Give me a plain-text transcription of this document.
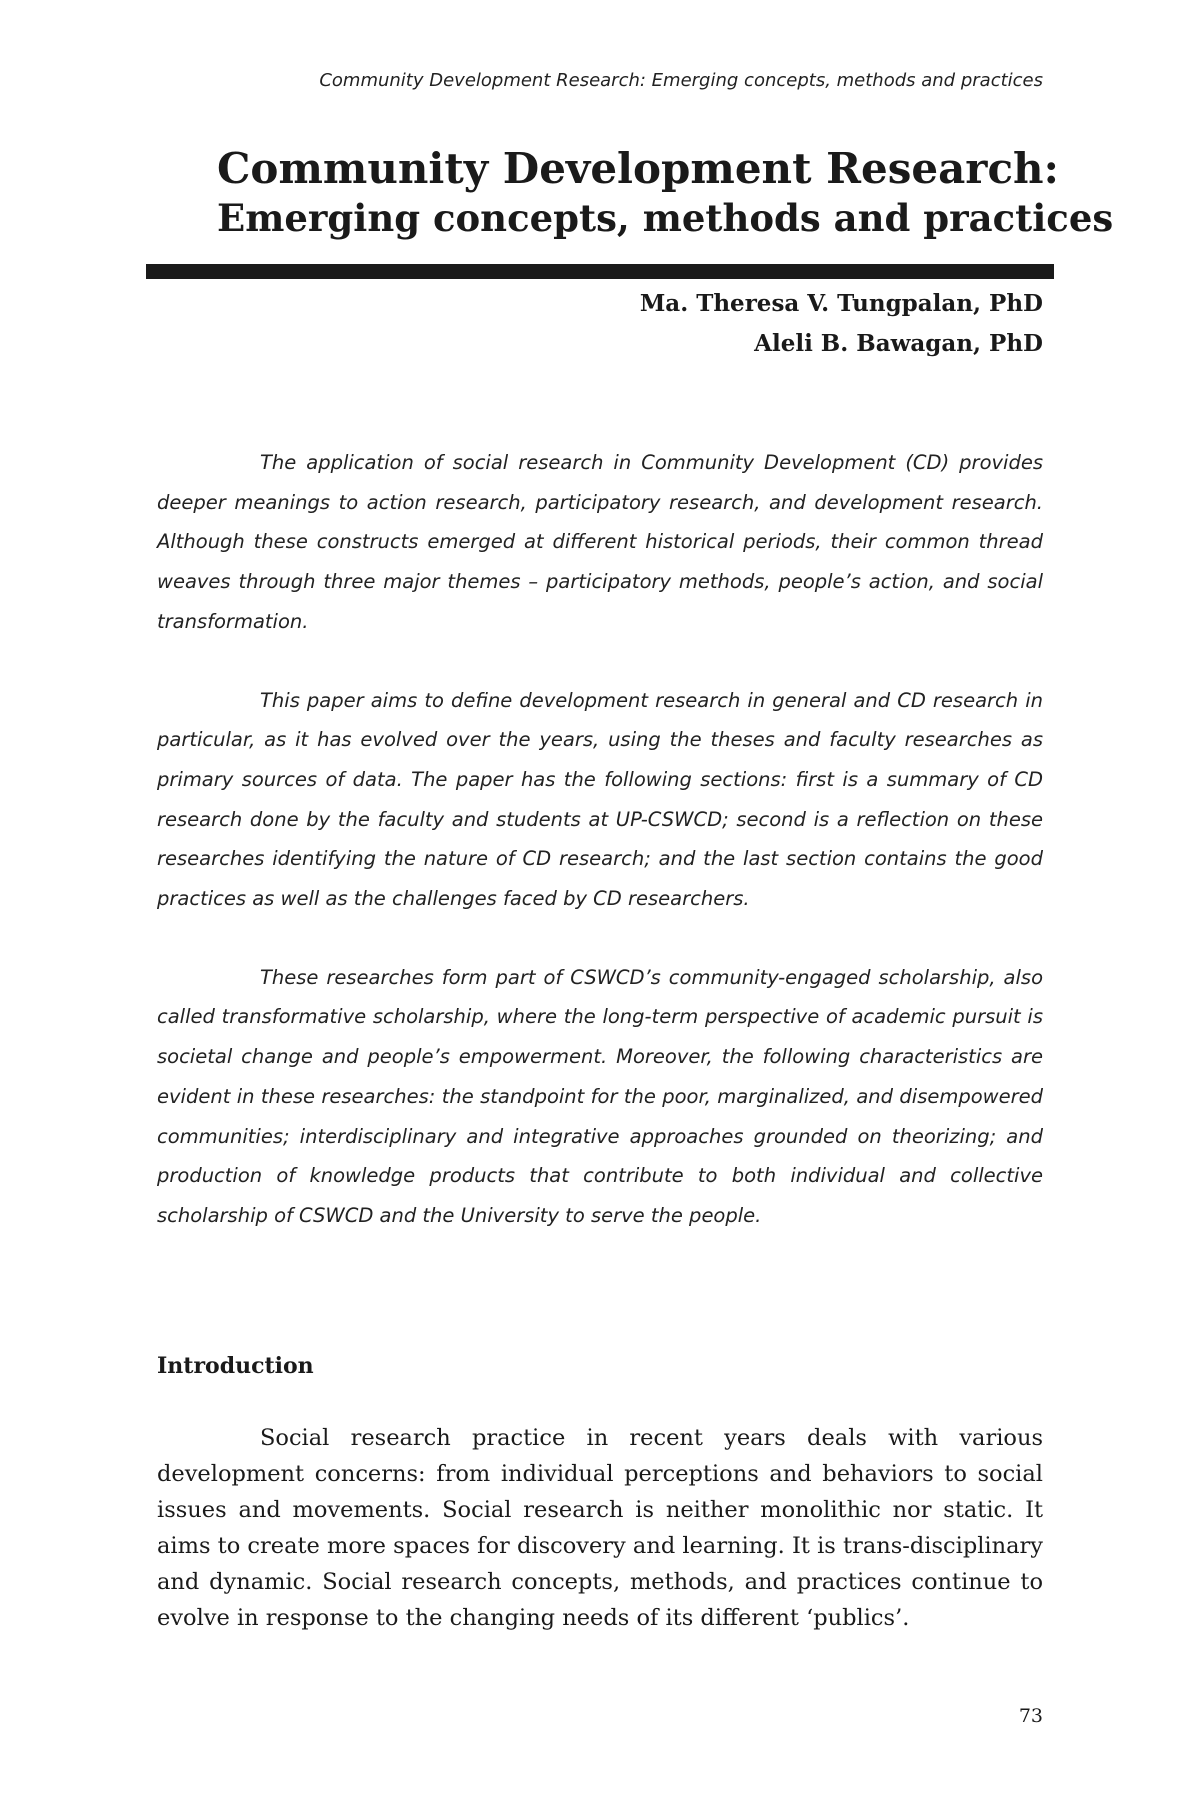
Community Development Research: Emerging concepts, methods and practices
Community Development Research:
Emerging concepts, methods and practices
Ma. Theresa V. Tungpalan, PhD
Aleli B. Bawagan, PhD

The application of social research in Community Development (CD) provides deeper meanings to action research, participatory research, and development research. Although these constructs emerged at different historical periods, their common thread weaves through three major themes – participatory methods, people’s action, and social transformation.

This paper aims to define development research in general and CD research in particular, as it has evolved over the years, using the theses and faculty researches as primary sources of data. The paper has the following sections: first is a summary of CD research done by the faculty and students at UP-CSWCD; second is a reflection on these researches identifying the nature of CD research; and the last section contains the good practices as well as the challenges faced by CD researchers.

These researches form part of CSWCD’s community-engaged scholarship, also called transformative scholarship, where the long-term perspective of academic pursuit is societal change and people’s empowerment. Moreover, the following characteristics are evident in these researches: the standpoint for the poor, marginalized, and disempowered communities; interdisciplinary and integrative approaches grounded on theorizing; and production of knowledge products that contribute to both individual and collective scholarship of CSWCD and the University to serve the people.

Introduction

Social research practice in recent years deals with various development concerns: from individual perceptions and behaviors to social issues and movements. Social research is neither monolithic nor static. It aims to create more spaces for discovery and learning. It is trans-disciplinary and dynamic. Social research concepts, methods, and practices continue to evolve in response to the changing needs of its different ‘publics’.

73
